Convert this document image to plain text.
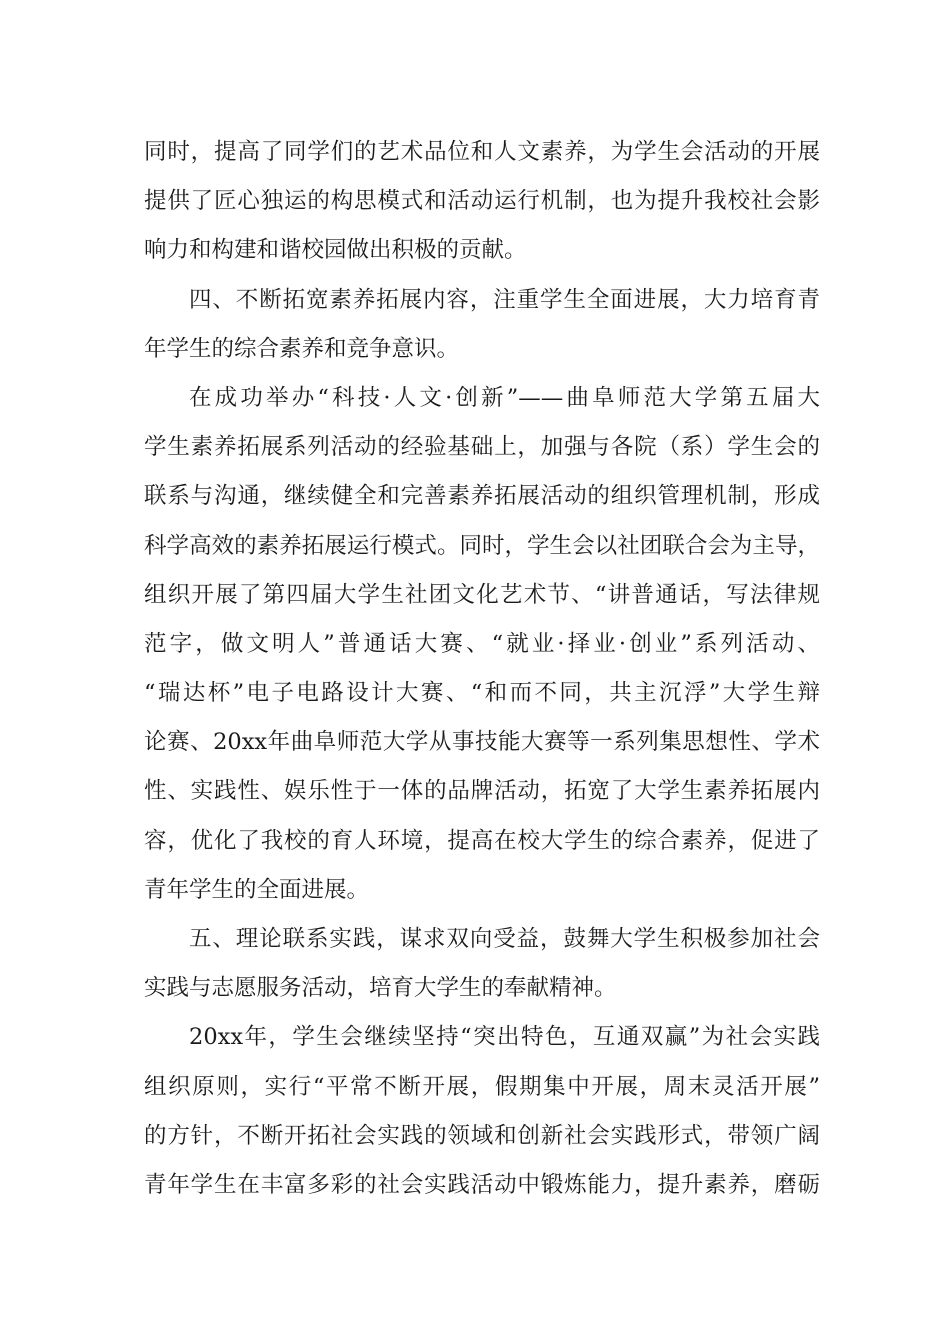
同时，提高了同学们的艺术品位和人文素养，为学生会活动的开展
提供了匠心独运的构思模式和活动运行机制，也为提升我校社会影
响力和构建和谐校园做出积极的贡献。
四、不断拓宽素养拓展内容，注重学生全面进展，大力培育青
年学生的综合素养和竞争意识。
在成功举办“科技·人文·创新”——曲阜师范大学第五届大
学生素养拓展系列活动的经验基础上，加强与各院（系）学生会的
联系与沟通，继续健全和完善素养拓展活动的组织管理机制，形成
科学高效的素养拓展运行模式。同时，学生会以社团联合会为主导，
组织开展了第四届大学生社团文化艺术节、“讲普通话，写法律规
范字，做文明人”普通话大赛、“就业·择业·创业”系列活动、
“瑞达杯”电子电路设计大赛、“和而不同，共主沉浮”大学生辩
论赛、20xx年曲阜师范大学从事技能大赛等一系列集思想性、学术
性、实践性、娱乐性于一体的品牌活动，拓宽了大学生素养拓展内
容，优化了我校的育人环境，提高在校大学生的综合素养，促进了
青年学生的全面进展。
五、理论联系实践，谋求双向受益，鼓舞大学生积极参加社会
实践与志愿服务活动，培育大学生的奉献精神。
20xx年，学生会继续坚持“突出特色，互通双赢”为社会实践
组织原则，实行“平常不断开展，假期集中开展，周末灵活开展”
的方针，不断开拓社会实践的领域和创新社会实践形式，带领广阔
青年学生在丰富多彩的社会实践活动中锻炼能力，提升素养，磨砺
